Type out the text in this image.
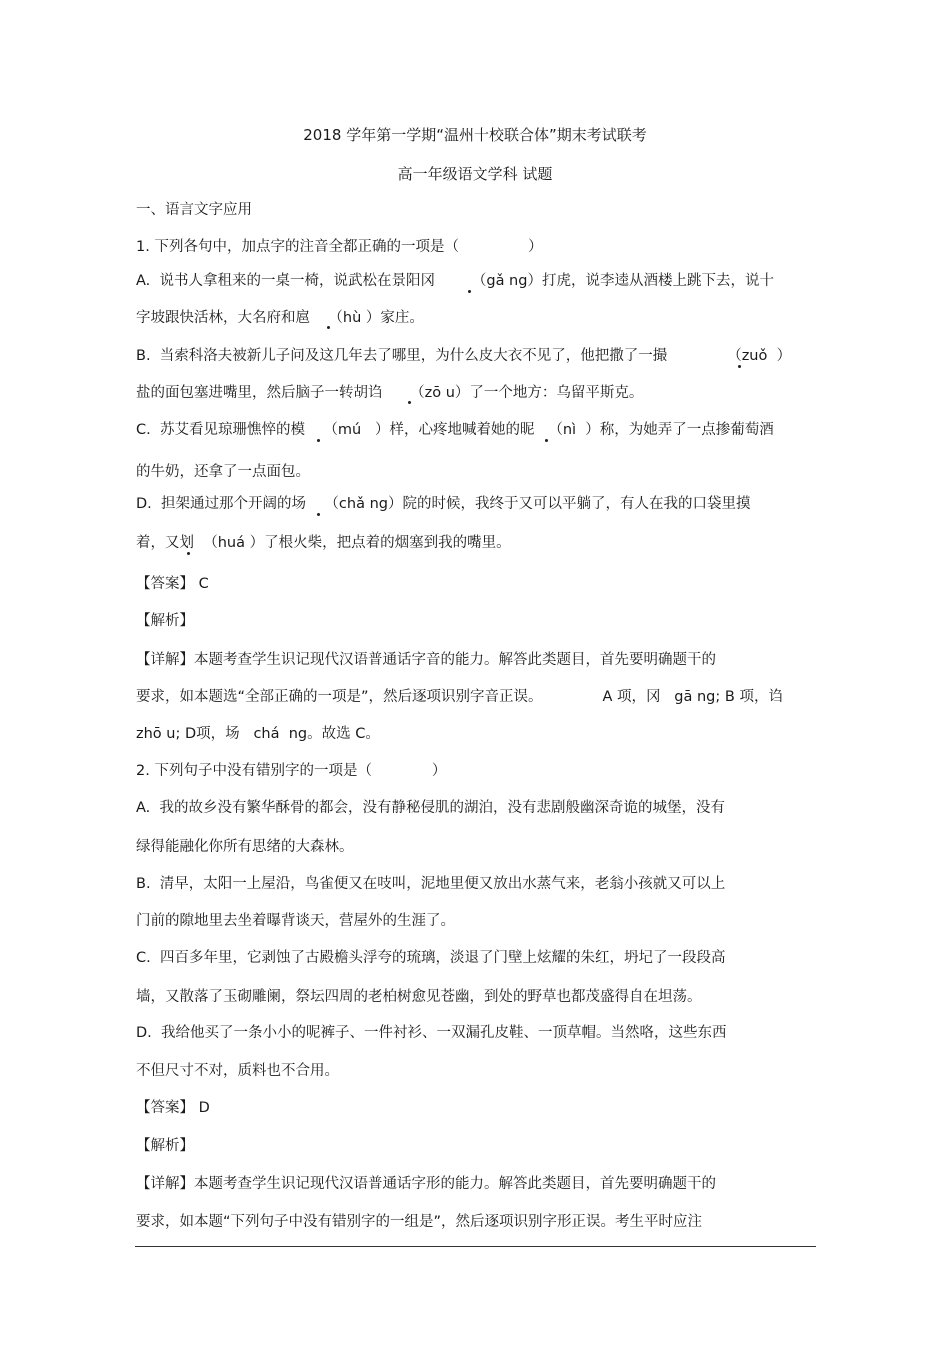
2018 学年第一学期“温州十校联合体”期末考试联考
高一年级语文学科 试题
一、语言文字应用
1. 下列各句中，加点字的注音全都正确的一项是（               ）
A.  说书人拿租来的一桌一椅，说武松在景阳冈        （gǎ ng）打虎，说李逵从酒楼上跳下去，说十
字坡跟快活林，大名府和扈    （hù ）家庄。
B.  当索科洛夫被新儿子问及这几年去了哪里，为什么皮大衣不见了，他把撒了一撮             （zuǒ  ）
盐的面包塞进嘴里，然后脑子一转胡诌      （zō u）了一个地方：乌留平斯克。
C.  苏艾看见琼珊憔悴的模    （mú   ）样，心疼地喊着她的昵   （nì  ）称，为她弄了一点掺葡萄酒
的牛奶，还拿了一点面包。
D.  担架通过那个开阔的场    （chǎ ng）院的时候，我终于又可以平躺了，有人在我的口袋里摸
着，又划  （huá ）了根火柴，把点着的烟塞到我的嘴里。
【答案】 C
【解析】
【详解】本题考查学生识记现代汉语普通话字音的能力。解答此类题目，首先要明确题干的
要求，如本题选“全部正确的一项是”，然后逐项识别字音正误。             A 项，冈   gā ng; B 项，诌
zhō u; D项，场   chá  ng。故选 C。
2. 下列句子中没有错别字的一项是（             ）
A.  我的故乡没有繁华酥骨的都会，没有静秘侵肌的湖泊，没有悲剧般幽深奇诡的城堡，没有
绿得能融化你所有思绪的大森林。
B.  清早，太阳一上屋沿，鸟雀便又在吱叫，泥地里便又放出水蒸气来，老翁小孩就又可以上
门前的隙地里去坐着曝背谈天，营屋外的生涯了。
C.  四百多年里，它剥蚀了古殿檐头浮夸的琉璃，淡退了门壁上炫耀的朱红，坍圮了一段段高
墙，又散落了玉砌雕阑，祭坛四周的老柏树愈见苍幽，到处的野草也都茂盛得自在坦荡。
D.  我给他买了一条小小的呢裤子、一件衬衫、一双漏孔皮鞋、一顶草帽。当然咯，这些东西
不但尺寸不对，质料也不合用。
【答案】 D
【解析】
【详解】本题考查学生识记现代汉语普通话字形的能力。解答此类题目，首先要明确题干的
要求，如本题“下列句子中没有错别字的一组是”，然后逐项识别字形正误。考生平时应注
